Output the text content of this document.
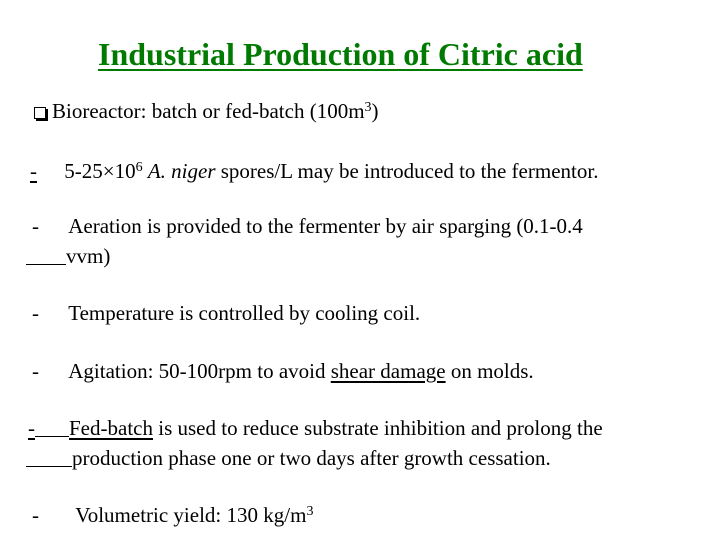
Industrial Production of Citric acid
Bioreactor: batch or fed-batch $(100m^3)$
- $5-25\times 10^6$ A. niger spores/L may be introduced to the fermentor.
- Aeration is provided to the fermenter by air sparging (0.1-0.4
vvm)
- Temperature is controlled by cooling coil.
- Agitation: 50-100rpm to avoid shear damage on molds.
- Fed-batch is used to reduce substrate inhibition and prolong the
production phase one or two days after growth cessation.
- Volumetric yield: 130 $kg/m^3$
